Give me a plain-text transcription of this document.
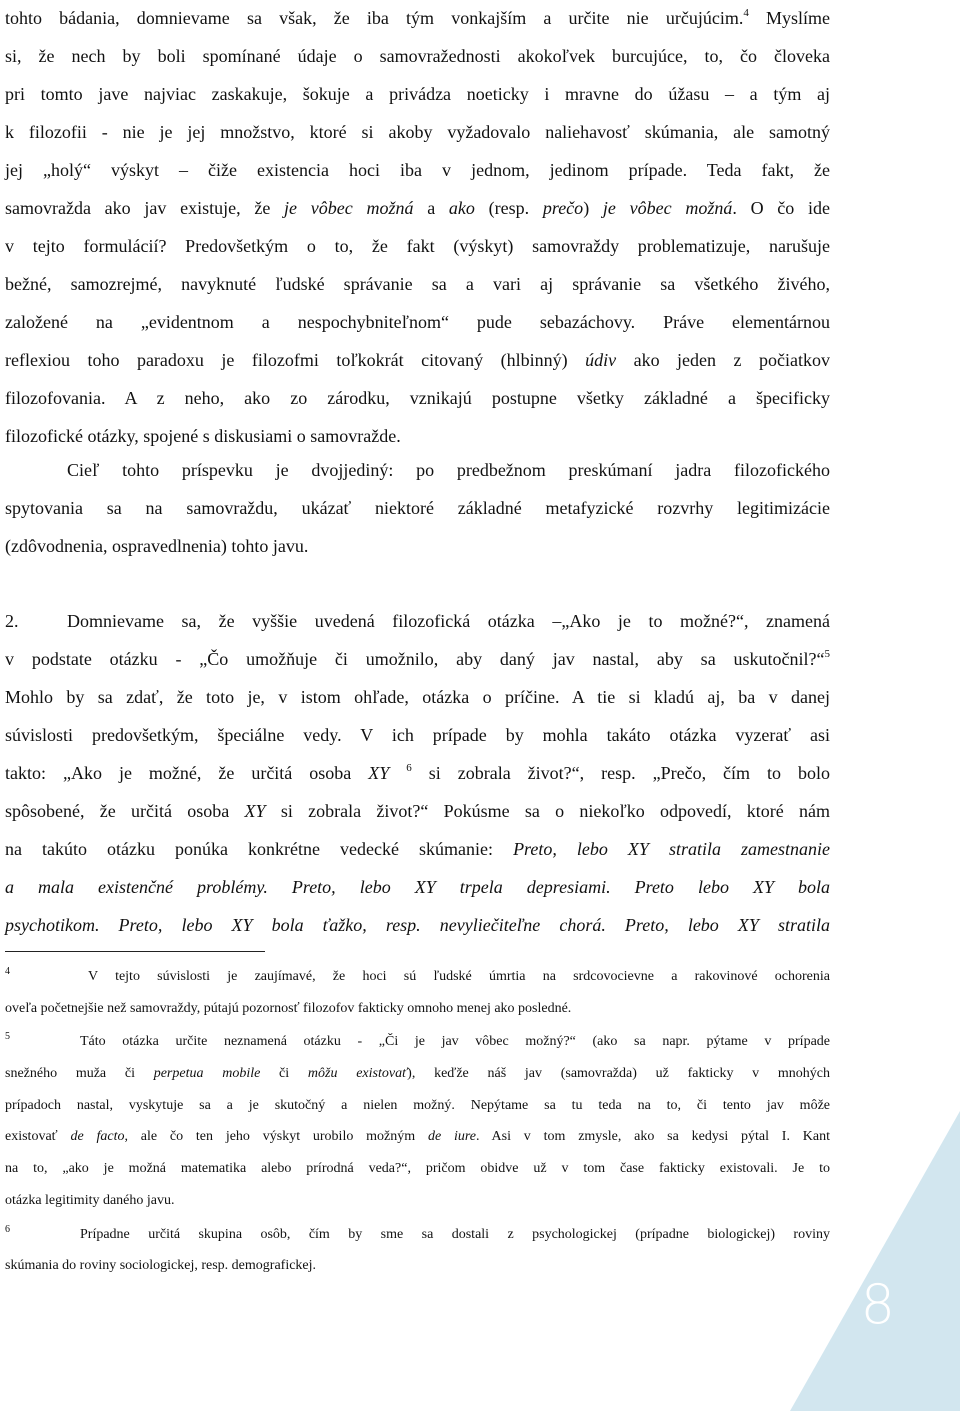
tohto bádania, domnievame sa však, že iba tým vonkajším a určite nie určujúcim.$^4$ Myslíme
si, že nech by boli spomínané údaje o samovražednosti akokoľvek burcujúce, to, čo človeka
pri tomto jave najviac zaskakuje, šokuje a privádza noeticky i mravne do úžasu – a tým aj
k filozofii - nie je jej množstvo, ktoré si akoby vyžadovalo naliehavosť skúmania, ale samotný
jej „holý“ výskyt – čiže existencia hoci iba v jednom, jedinom prípade. Teda fakt, že
samovražda ako jav existuje, že je vôbec možná a ako (resp. prečo) je vôbec možná. O čo ide
v tejto formulácií? Predovšetkým o to, že fakt (výskyt) samovraždy problematizuje, narušuje
bežné, samozrejmé, navyknuté ľudské správanie sa a vari aj správanie sa všetkého živého,
založené na „evidentnom a nespochybniteľnom“ pude sebazáchovy. Práve elementárnou
reflexiou toho paradoxu je filozofmi toľkokrát citovaný (hlbinný) údiv ako jeden z počiatkov
filozofovania. A z neho, ako zo zárodku, vznikajú postupne všetky základné a špecificky
filozofické otázky, spojené s diskusiami o samovražde.
Cieľ tohto príspevku je dvojjediný: po predbežnom preskúmaní jadra filozofického
spytovania sa na samovraždu, ukázať niektoré základné metafyzické rozvrhy legitimizácie
(zdôvodnenia, ospravedlnenia) tohto javu.
2.	Domnievame sa, že vyššie uvedená filozofická otázka –„Ako je to možné?“, znamená
v podstate otázku - „Čo umožňuje či umožnilo, aby daný jav nastal, aby sa uskutočnil?“$^5$
Mohlo by sa zdať, že toto je, v istom ohľade, otázka o príčine. A tie si kladú aj, ba v danej
súvislosti predovšetkým, špeciálne vedy. V ich prípade by mohla takáto otázka vyzerať asi
takto: „Ako je možné, že určitá osoba XY $^6$ si zobrala život?“, resp. „Prečo, čím to bolo
spôsobené, že určitá osoba XY si zobrala život?“ Pokúsme sa o niekoľko odpovedí, ktoré nám
na takúto otázku ponúka konkrétne vedecké skúmanie: Preto, lebo XY stratila zamestnanie
a mala existenčné problémy. Preto, lebo XY trpela depresiami. Preto lebo XY bola
psychotikom. Preto, lebo XY bola ťažko, resp. nevyliečiteľne chorá. Preto, lebo XY stratila
$^4$	V tejto súvislosti je zaujímavé, že hoci sú ľudské úmrtia na srdcovocievne a rakovinové ochorenia
oveľa početnejšie než samovraždy, pútajú pozornosť filozofov fakticky omnoho menej ako posledné.
$^5$	Táto otázka určite neznamená otázku - „Či je jav vôbec možný?“ (ako sa napr. pýtame v prípade
snežného muža či perpetua mobile či môžu existovať), keďže náš jav (samovražda) už fakticky v mnohých
prípadoch nastal, vyskytuje sa a je skutočný a nielen možný. Nepýtame sa tu teda na to, či tento jav môže
existovať de facto, ale čo ten jeho výskyt urobilo možným de iure. Asi v tom zmysle, ako sa kedysi pýtal I. Kant
na to, „ako je možná matematika alebo prírodná veda?“, pričom obidve už v tom čase fakticky existovali. Je to
otázka legitimity daného javu.
$^6$	Prípadne určitá skupina osôb, čím by sme sa dostali z psychologickej (prípadne biologickej) roviny
skúmania do roviny sociologickej, resp. demografickej.
8
